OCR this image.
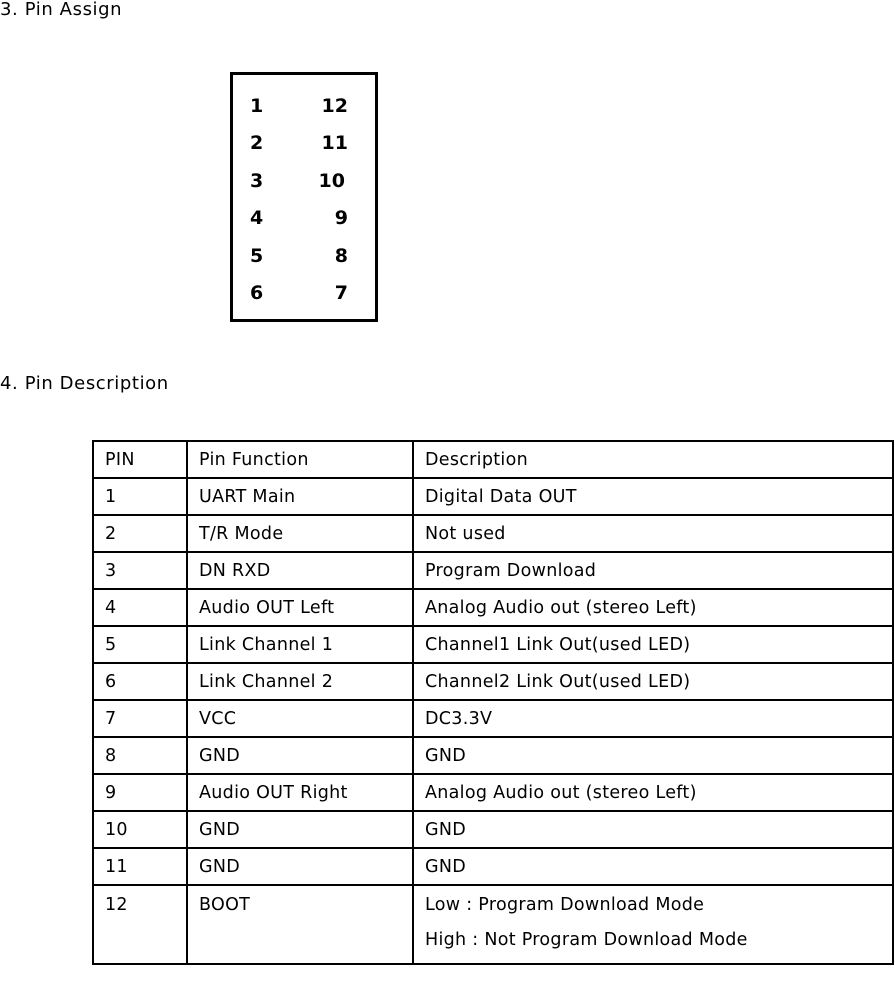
3. Pin Assign
1	12
2	11
3	10
4	9
5	8
6	7
4. Pin Description
PIN	Pin Function	Description
1	UART Main	Digital Data OUT
2	T/R Mode	Not used
3	DN RXD	Program Download
4	Audio OUT Left	Analog Audio out (stereo Left)
5	Link Channel 1	Channel1 Link Out(used LED)
6	Link Channel 2	Channel2 Link Out(used LED)
7	VCC	DC3.3V
8	GND	GND
9	Audio OUT Right	Analog Audio out (stereo Left)
10	GND	GND
11	GND	GND

12	BOOT	Low : Program Download Mode
High : Not Program Download Mode
